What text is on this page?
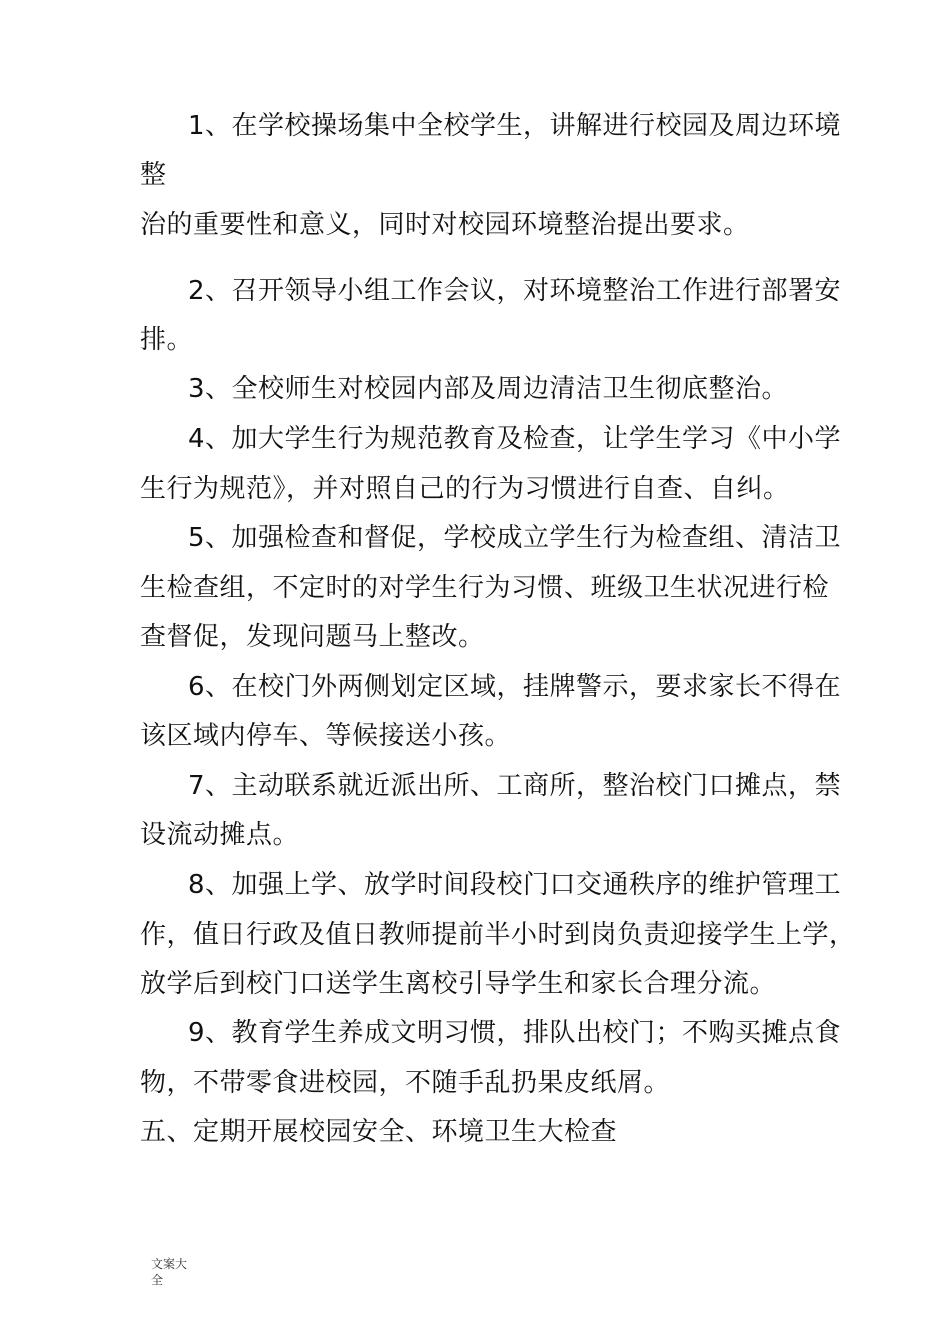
1、在学校操场集中全校学生，讲解进行校园及周边环境
整
治的重要性和意义，同时对校园环境整治提出要求。
2、召开领导小组工作会议，对环境整治工作进行部署安
排。
3、全校师生对校园内部及周边清洁卫生彻底整治。
4、加大学生行为规范教育及检查，让学生学习《中小学
生行为规范》，并对照自己的行为习惯进行自查、自纠。
5、加强检查和督促，学校成立学生行为检查组、清洁卫
生检查组，不定时的对学生行为习惯、班级卫生状况进行检
查督促，发现问题马上整改。
6、在校门外两侧划定区域，挂牌警示，要求家长不得在
该区域内停车、等候接送小孩。
7、主动联系就近派出所、工商所，整治校门口摊点，禁
设流动摊点。
8、加强上学、放学时间段校门口交通秩序的维护管理工
作，值日行政及值日教师提前半小时到岗负责迎接学生上学，
放学后到校门口送学生离校引导学生和家长合理分流。
9、教育学生养成文明习惯，排队出校门；不购买摊点食
物，不带零食进校园，不随手乱扔果皮纸屑。
五、定期开展校园安全、环境卫生大检查
文案大
全
